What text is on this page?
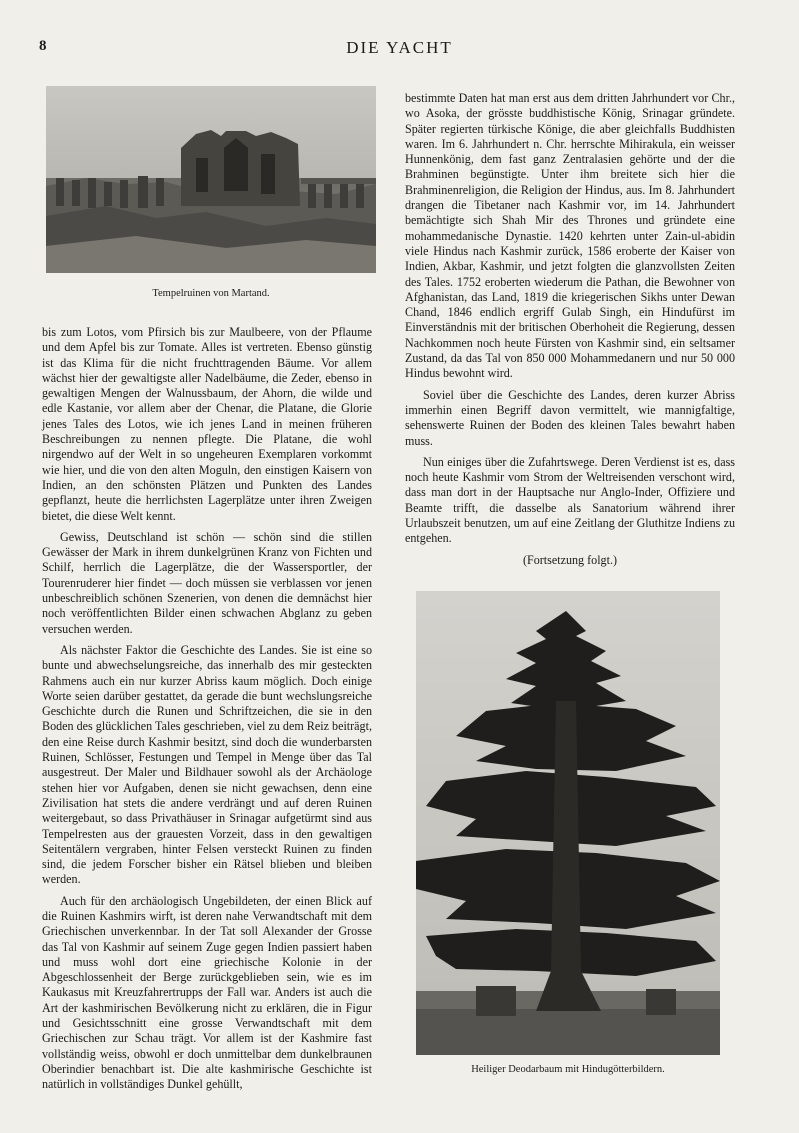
8	DIE YACHT
Tempelruinen von Martand.

bis zum Lotos, vom Pfirsich bis zur Maulbeere, von der Pflaume und dem Apfel bis zur Tomate. Alles ist vertreten. Ebenso günstig ist das Klima für die nicht fruchttragenden Bäume. Vor allem wächst hier der gewaltigste aller Nadelbäume, die Zeder, ebenso in gewaltigen Mengen der Walnussbaum, der Ahorn, die wilde und edle Kastanie, vor allem aber der Chenar, die Platane, die Glorie jenes Tales des Lotos, wie ich jenes Land in meinen früheren Beschreibungen zu nennen pflegte. Die Platane, die wohl nirgendwo auf der Welt in so ungeheuren Exemplaren vorkommt wie hier, und die von den alten Moguln, den einstigen Kaisern von Indien, an den schönsten Plätzen und Punkten des Landes gepflanzt, heute die herrlichsten Lagerplätze unter ihren Zweigen bietet, die diese Welt kennt.

Gewiss, Deutschland ist schön — schön sind die stillen Gewässer der Mark in ihrem dunkelgrünen Kranz von Fichten und Schilf, herrlich die Lagerplätze, die der Wassersportler, der Tourenruderer hier findet — doch müssen sie verblassen vor jenen unbeschreiblich schönen Szenerien, von denen die demnächst hier noch veröffentlichten Bilder einen schwachen Abglanz zu geben versuchen werden.

Als nächster Faktor die Geschichte des Landes. Sie ist eine so bunte und abwechselungsreiche, das innerhalb des mir gesteckten Rahmens auch ein nur kurzer Abriss kaum möglich. Doch einige Worte seien darüber gestattet, da gerade die bunt wechslungsreiche Geschichte durch die Runen und Schriftzeichen, die sie in den Boden des glücklichen Tales geschrieben, viel zu dem Reiz beiträgt, den eine Reise durch Kashmir besitzt, sind doch die wunderbarsten Ruinen, Schlösser, Festungen und Tempel in Menge über das Tal ausgestreut. Der Maler und Bildhauer sowohl als der Archäologe stehen hier vor Aufgaben, denen sie nicht gewachsen, denn eine Zivilisation hat stets die andere verdrängt und auf deren Ruinen weitergebaut, so dass Privathäuser in Srinagar aufgetürmt sind aus Tempelresten aus der grauesten Vorzeit, dass in den gewaltigen Seitentälern vergraben, hinter Felsen versteckt Ruinen zu finden sind, die jedem Forscher bisher ein Rätsel blieben und bleiben werden.

Auch für den archäologisch Ungebildeten, der einen Blick auf die Ruinen Kashmirs wirft, ist deren nahe Verwandtschaft mit dem Griechischen unverkennbar. In der Tat soll Alexander der Grosse das Tal von Kashmir auf seinem Zuge gegen Indien passiert haben und muss wohl dort eine griechische Kolonie in der Abgeschlossenheit der Berge zurückgeblieben sein, wie es im Kaukasus mit Kreuzfahrertrupps der Fall war. Anders ist auch die Art der kashmirischen Bevölkerung nicht zu erklären, die in Figur und Gesichtsschnitt eine grosse Verwandtschaft mit dem Griechischen zur Schau trägt. Vor allem ist der Kashmire fast vollständig weiss, obwohl er doch unmittelbar dem dunkelbraunen Oberindier benachbart ist. Die alte kashmirische Geschichte ist natürlich in vollständiges Dunkel gehüllt,

bestimmte Daten hat man erst aus dem dritten Jahrhundert vor Chr., wo Asoka, der grösste buddhistische König, Srinagar gründete. Später regierten türkische Könige, die aber gleichfalls Buddhisten waren. Im 6. Jahrhundert n. Chr. herrschte Mihirakula, ein weisser Hunnenkönig, dem fast ganz Zentralasien gehörte und der die Brahminen begünstigte. Unter ihm breitete sich hier die Brahminenreligion, die Religion der Hindus, aus. Im 8. Jahrhundert drangen die Tibetaner nach Kashmir vor, im 14. Jahrhundert bemächtigte sich Shah Mir des Thrones und gründete eine mohammedanische Dynastie. 1420 kehrten unter Zain-ul-abidin viele Hindus nach Kashmir zurück, 1586 eroberte der Kaiser von Indien, Akbar, Kashmir, und jetzt folgten die glanzvollsten Zeiten des Tales. 1752 eroberten wiederum die Pathan, die Bewohner von Afghanistan, das Land, 1819 die kriegerischen Sikhs unter Dewan Chand, 1846 endlich ergriff Gulab Singh, ein Hindufürst im Einverständnis mit der britischen Oberhoheit die Regierung, dessen Nachkommen noch heute Fürsten von Kashmir sind, ein seltsamer Zustand, da das Tal von 850 000 Mohammedanern und nur 50 000 Hindus bewohnt wird.

Soviel über die Geschichte des Landes, deren kurzer Abriss immerhin einen Begriff davon vermittelt, wie mannigfaltige, sehenswerte Ruinen der Boden des kleinen Tales bewahrt haben muss.

Nun einiges über die Zufahrtswege. Deren Verdienst ist es, dass noch heute Kashmir vom Strom der Weltreisenden verschont wird, dass man dort in der Hauptsache nur Anglo-Inder, Offiziere und Beamte trifft, die dasselbe als Sanatorium während ihrer Urlaubszeit benutzen, um auf eine Zeitlang der Gluthitze Indiens zu entgehen.

(Fortsetzung folgt.)

Heiliger Deodarbaum mit Hindugötterbildern.
